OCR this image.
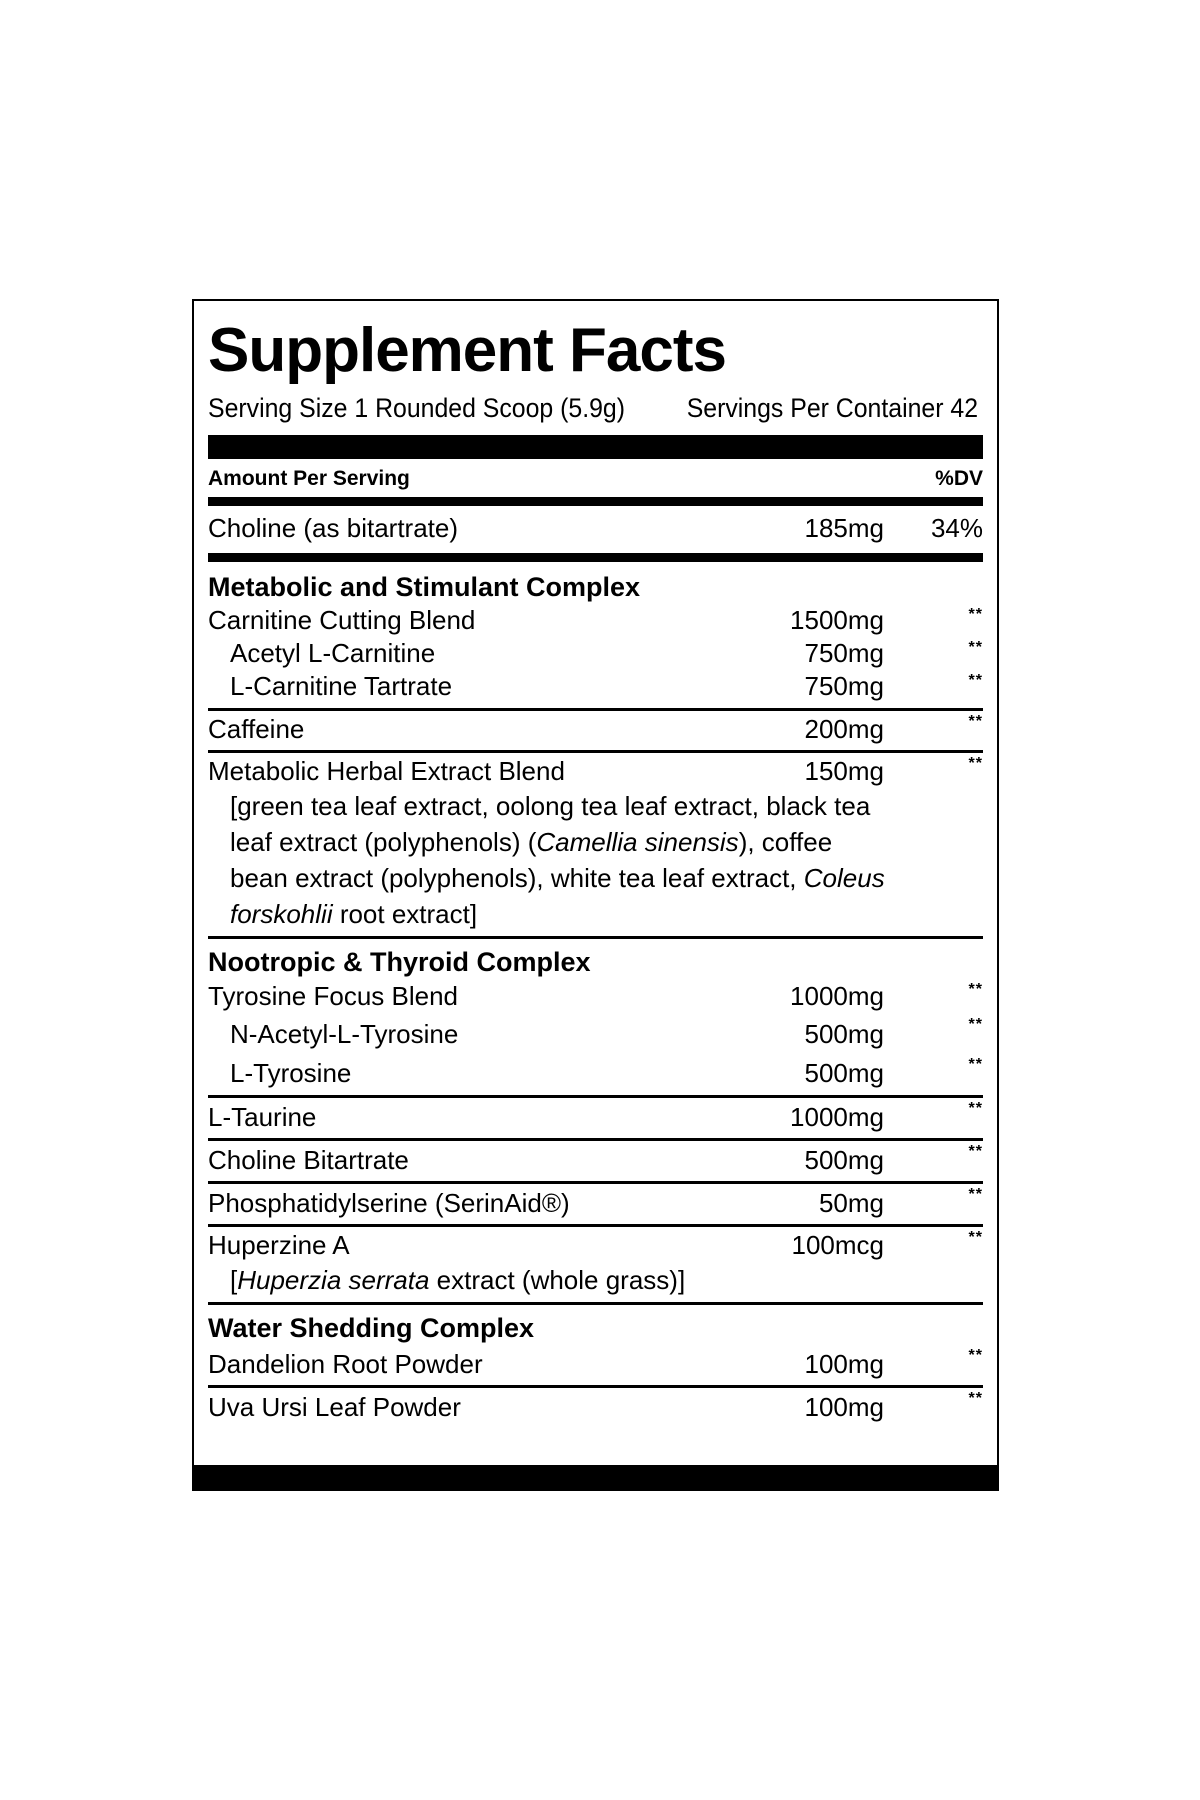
Supplement Facts
Serving Size 1 Rounded Scoop (5.9g) Servings Per Container 42
Amount Per Serving	%DV
Choline (as bitartrate)	185mg 34%
Metabolic and Stimulant Complex
Carnitine Cutting Blend	1500mg	**
Acetyl L-Carnitine	750mg	**
L-Carnitine Tartrate	750mg	**
Caffeine	200mg	**
Metabolic Herbal Extract Blend	150mg	**
[green tea leaf extract, oolong tea leaf extract, black tea leaf extract (polyphenols) (Camellia sinensis), coffee bean extract (polyphenols), white tea leaf extract, Coleus forskohlii root extract]
Nootropic & Thyroid Complex
Tyrosine Focus Blend	1000mg	**
N-Acetyl-L-Tyrosine	500mg	**
L-Tyrosine	500mg	**
L-Taurine	1000mg	**
Choline Bitartrate	500mg	**
Phosphatidylserine (SerinAid®)	50mg	**
Huperzine A	100mcg	**
[Huperzia serrata extract (whole grass)]
Water Shedding Complex
Dandelion Root Powder	100mg	**
Uva Ursi Leaf Powder	100mg	**
